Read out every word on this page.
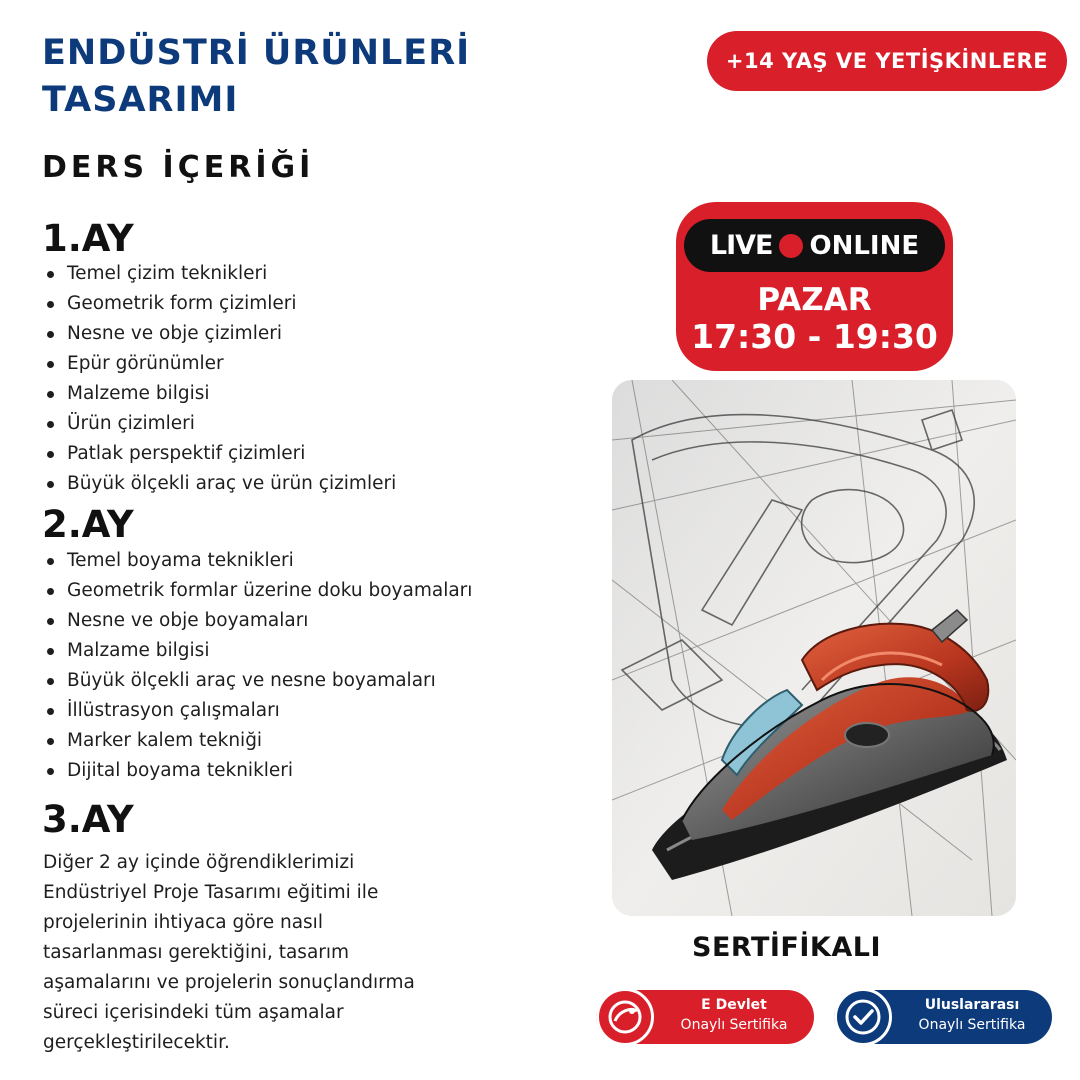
ENDÜSTRİ ÜRÜNLERİ
TASARIMI
+14 YAŞ VE YETİŞKİNLERE
DERS İÇERİĞİ
1.AY
Temel çizim teknikleri
Geometrik form çizimleri
Nesne ve obje çizimleri
Epür görünümler
Malzeme bilgisi
Ürün çizimleri
Patlak perspektif çizimleri
Büyük ölçekli araç ve ürün çizimleri
2.AY
Temel boyama teknikleri
Geometrik formlar üzerine doku boyamaları
Nesne ve obje boyamaları
Malzame bilgisi
Büyük ölçekli araç ve nesne boyamaları
İllüstrasyon çalışmaları
Marker kalem tekniği
Dijital boyama teknikleri
3.AY
Diğer 2 ay içinde öğrendiklerimizi Endüstriyel Proje Tasarımı eğitimi ile projelerinin ihtiyaca göre nasıl tasarlanması gerektiğini, tasarım aşamalarını ve projelerin sonuçlandırma süreci içerisindeki tüm aşamalar gerçekleştirilecektir.
LIVE ONLINE
PAZAR
17:30 - 19:30
SERTİFİKALI
E Devlet
Onaylı Sertifika
Uluslararası
Onaylı Sertifika
